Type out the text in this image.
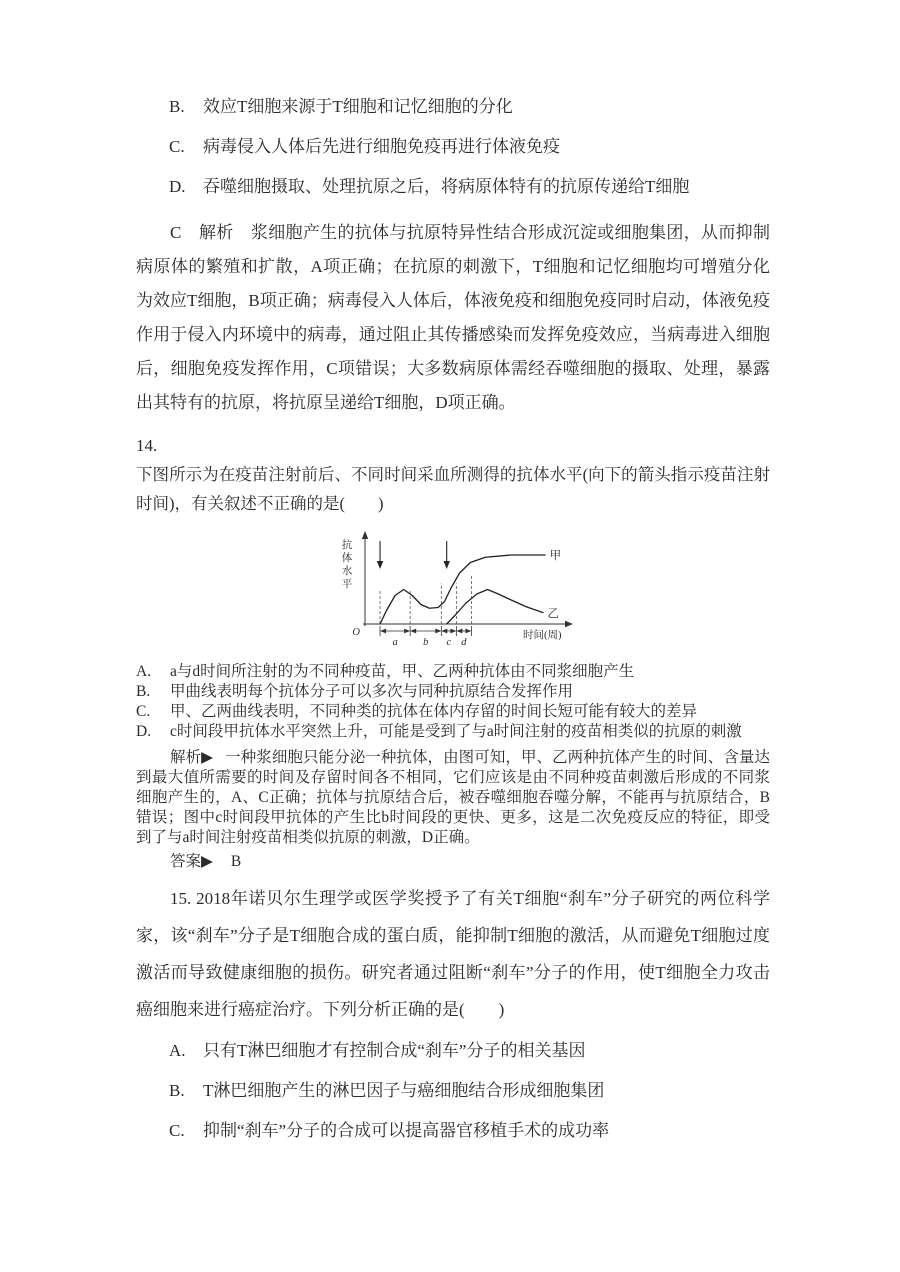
B. 效应T细胞来源于T细胞和记忆细胞的分化
C. 病毒侵入人体后先进行细胞免疫再进行体液免疫
D. 吞噬细胞摄取、处理抗原之后，将病原体特有的抗原传递给T细胞

C　解析　浆细胞产生的抗体与抗原特异性结合形成沉淀或细胞集团，从而抑制病原体的繁殖和扩散，A项正确；在抗原的刺激下，T细胞和记忆细胞均可增殖分化为效应T细胞，B项正确；病毒侵入人体后，体液免疫和细胞免疫同时启动，体液免疫作用于侵入内环境中的病毒，通过阻止其传播感染而发挥免疫效应，当病毒进入细胞后，细胞免疫发挥作用，C项错误；大多数病原体需经吞噬细胞的摄取、处理，暴露出其特有的抗原，将抗原呈递给T细胞，D项正确。

14.

下图所示为在疫苗注射前后、不同时间采血所测得的抗体水平(向下的箭头指示疫苗注射时间)，有关叙述不正确的是(　　)

抗
体
水
平
时间(周)
O
a b c d
甲
乙
A. a与d时间所注射的为不同种疫苗，甲、乙两种抗体由不同浆细胞产生
B. 甲曲线表明每个抗体分子可以多次与同种抗原结合发挥作用
C. 甲、乙两曲线表明，不同种类的抗体在体内存留的时间长短可能有较大的差异
D. c时间段甲抗体水平突然上升，可能是受到了与a时间注射的疫苗相类似的抗原的刺激

解析▶ 一种浆细胞只能分泌一种抗体，由图可知，甲、乙两种抗体产生的时间、含量达到最大值所需要的时间及存留时间各不相同，它们应该是由不同种疫苗刺激后形成的不同浆细胞产生的，A、C正确；抗体与抗原结合后，被吞噬细胞吞噬分解，不能再与抗原结合，B错误；图中c时间段甲抗体的产生比b时间段的更快、更多，这是二次免疫反应的特征，即受到了与a时间注射疫苗相类似抗原的刺激，D正确。

答案▶ B

15. 2018年诺贝尔生理学或医学奖授予了有关T细胞“刹车”分子研究的两位科学家，该“刹车”分子是T细胞合成的蛋白质，能抑制T细胞的激活，从而避免T细胞过度激活而导致健康细胞的损伤。研究者通过阻断“刹车”分子的作用，使T细胞全力攻击癌细胞来进行癌症治疗。下列分析正确的是(　　)

A. 只有T淋巴细胞才有控制合成“刹车”分子的相关基因
B. T淋巴细胞产生的淋巴因子与癌细胞结合形成细胞集团
C. 抑制“刹车”分子的合成可以提高器官移植手术的成功率
